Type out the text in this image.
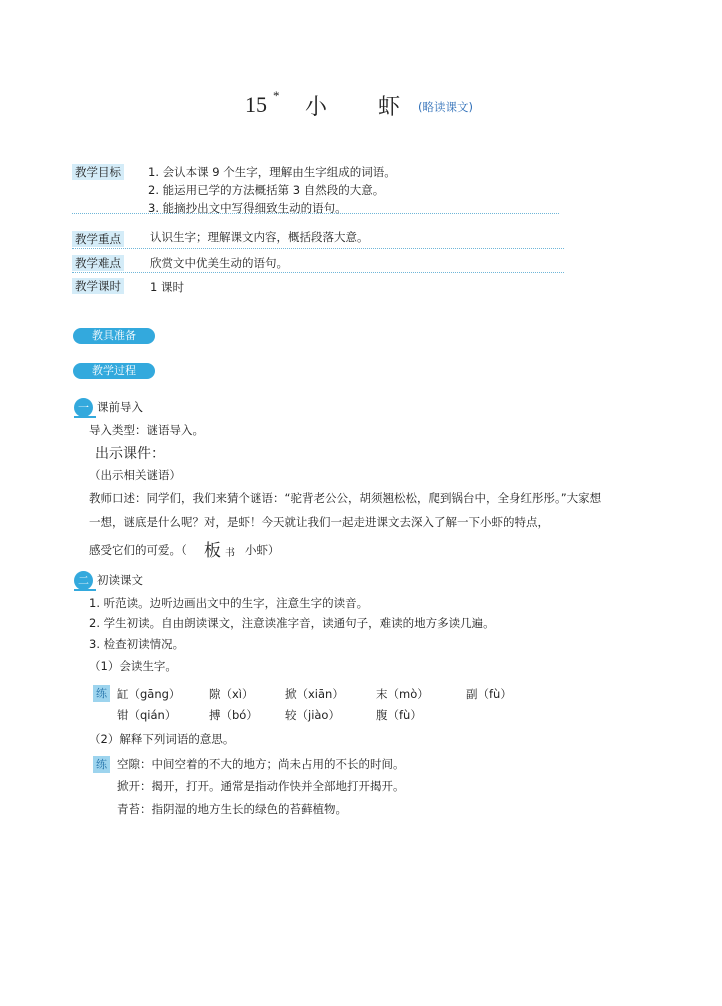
15 * 小 虾
(略读课文)
教学目标 1. 会认本课 9 个生字，理解由生字组成的词语。
2. 能运用已学的方法概括第 3 自然段的大意。
3. 能摘抄出文中写得细致生动的语句。
教学重点	认识生字；理解课文内容，概括段落大意。
教学难点	欣赏文中优美生动的语句。
教学课时	1 课时
教具准备
教学过程
一 课前导入
导入类型：谜语导入。
出示课件：
（出示相关谜语）
教师口述：同学们，我们来猜个谜语：“驼背老公公，胡须翘松松，爬到锅台中，全身红彤彤。”大家想
一想，谜底是什么呢？对，是虾！今天就让我们一起走进课文去深入了解一下小虾的特点，
感受它们的可爱。（ 板 书 小虾）
二 初读课文
1. 听范读。边听边画出文中的生字，注意生字的读音。
2. 学生初读。自由朗读课文，注意读准字音，读通句子，难读的地方多读几遍。
3. 检查初读情况。
（1）会读生字。
练 缸（gāng） 隙（xì）	掀（xiān）	末（mò）	副（fù）
钳（qián）	搏（bó） 较（jiào）	腹（fù）
（2）解释下列词语的意思。
练 空隙：中间空着的不大的地方；尚未占用的不长的时间。
掀开：揭开，打开。通常是指动作快并全部地打开揭开。
青苔：指阴湿的地方生长的绿色的苔藓植物。
